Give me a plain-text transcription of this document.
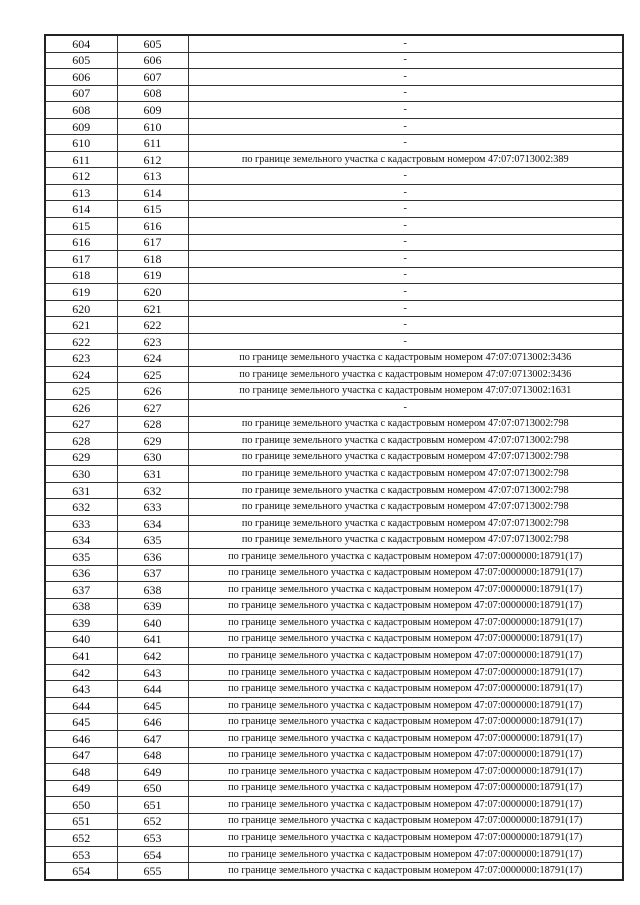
604	605	-
605	606	-
606	607	-
607	608	-
608	609	-
609	610	-
610	611	-
611	612	по границе земельного участка с кадастровым номером 47:07:0713002:389
612	613	-
613	614	-
614	615	-
615	616	-
616	617	-
617	618	-
618	619	-
619	620	-
620	621	-
621	622	-
622	623	-
623	624	по границе земельного участка с кадастровым номером 47:07:0713002:3436
624	625	по границе земельного участка с кадастровым номером 47:07:0713002:3436
625	626	по границе земельного участка с кадастровым номером 47:07:0713002:1631
626	627	-
627	628	по границе земельного участка с кадастровым номером 47:07:0713002:798
628	629	по границе земельного участка с кадастровым номером 47:07:0713002:798
629	630	по границе земельного участка с кадастровым номером 47:07:0713002:798
630	631	по границе земельного участка с кадастровым номером 47:07:0713002:798
631	632	по границе земельного участка с кадастровым номером 47:07:0713002:798
632	633	по границе земельного участка с кадастровым номером 47:07:0713002:798
633	634	по границе земельного участка с кадастровым номером 47:07:0713002:798
634	635	по границе земельного участка с кадастровым номером 47:07:0713002:798
635	636	по границе земельного участка с кадастровым номером 47:07:0000000:18791(17)
636	637	по границе земельного участка с кадастровым номером 47:07:0000000:18791(17)
637	638	по границе земельного участка с кадастровым номером 47:07:0000000:18791(17)
638	639	по границе земельного участка с кадастровым номером 47:07:0000000:18791(17)
639	640	по границе земельного участка с кадастровым номером 47:07:0000000:18791(17)
640	641	по границе земельного участка с кадастровым номером 47:07:0000000:18791(17)
641	642	по границе земельного участка с кадастровым номером 47:07:0000000:18791(17)
642	643	по границе земельного участка с кадастровым номером 47:07:0000000:18791(17)
643	644	по границе земельного участка с кадастровым номером 47:07:0000000:18791(17)
644	645	по границе земельного участка с кадастровым номером 47:07:0000000:18791(17)
645	646	по границе земельного участка с кадастровым номером 47:07:0000000:18791(17)
646	647	по границе земельного участка с кадастровым номером 47:07:0000000:18791(17)
647	648	по границе земельного участка с кадастровым номером 47:07:0000000:18791(17)
648	649	по границе земельного участка с кадастровым номером 47:07:0000000:18791(17)
649	650	по границе земельного участка с кадастровым номером 47:07:0000000:18791(17)
650	651	по границе земельного участка с кадастровым номером 47:07:0000000:18791(17)
651	652	по границе земельного участка с кадастровым номером 47:07:0000000:18791(17)
652	653	по границе земельного участка с кадастровым номером 47:07:0000000:18791(17)
653	654	по границе земельного участка с кадастровым номером 47:07:0000000:18791(17)
654	655	по границе земельного участка с кадастровым номером 47:07:0000000:18791(17)
